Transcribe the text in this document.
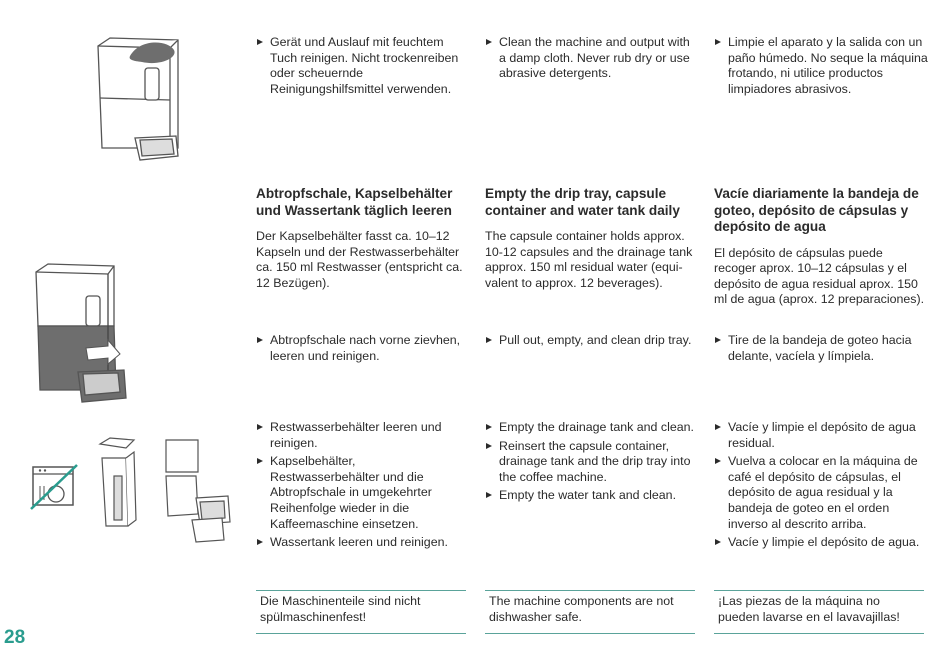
Gerät und Auslauf mit feuchtem Tuch reinigen. Nicht trockenreiben oder scheuernde Reinigungshilfsmittel verwenden.
Clean the machine and output with a damp cloth. Never rub dry or use abrasive detergents.
Limpie el aparato y la salida con un paño húmedo. No seque la máquina frotando, ni utilice productos limpiadores abrasivos.
Abtropfschale, Kapselbehälter und Wassertank täglich leeren

Der Kapselbehälter fasst ca. 10–12 Kapseln und der Restwasserbehälter ca. 150 ml Restwasser (entspricht ca. 12 Bezügen).

Empty the drip tray, capsule container and water tank daily

The capsule container holds approx. 10-12 capsules and the drainage tank approx. 150 ml residual water (equi-valent to approx. 12 beverages).

Vacíe diariamente la bandeja de goteo, depósito de cápsulas y depósito de agua

El depósito de cápsulas puede recoger aprox. 10–12 cápsulas y el depósito de agua residual aprox. 150 ml de agua (aprox. 12 preparaciones).

Abtropfschale nach vorne zievhen, leeren und reinigen.
Pull out, empty, and clean drip tray.	Tire de la bandeja de goteo hacia delante, vacíela y límpiela.
Restwasserbehälter leeren und reinigen.
Kapselbehälter, Restwasserbehälter und die Abtropfschale in umgekehrter Reihenfolge wieder in die Kaffeemaschine einsetzen.
Wassertank leeren und reinigen.
Empty the drainage tank and clean.
Reinsert the capsule container, drainage tank and the drip tray into the coffee machine.
Empty the water tank and clean.
Vacíe y limpie el depósito de agua residual.
Vuelva a colocar en la máquina de café el depósito de cápsulas, el depósito de agua residual y la bandeja de goteo en el orden inverso al descrito arriba.
Vacíe y limpie el depósito de agua.
Die Maschinenteile sind nicht spülmaschinenfest!
The machine components are not dishwasher safe.
¡Las piezas de la máquina no pueden lavarse en el lavavajillas!
28
